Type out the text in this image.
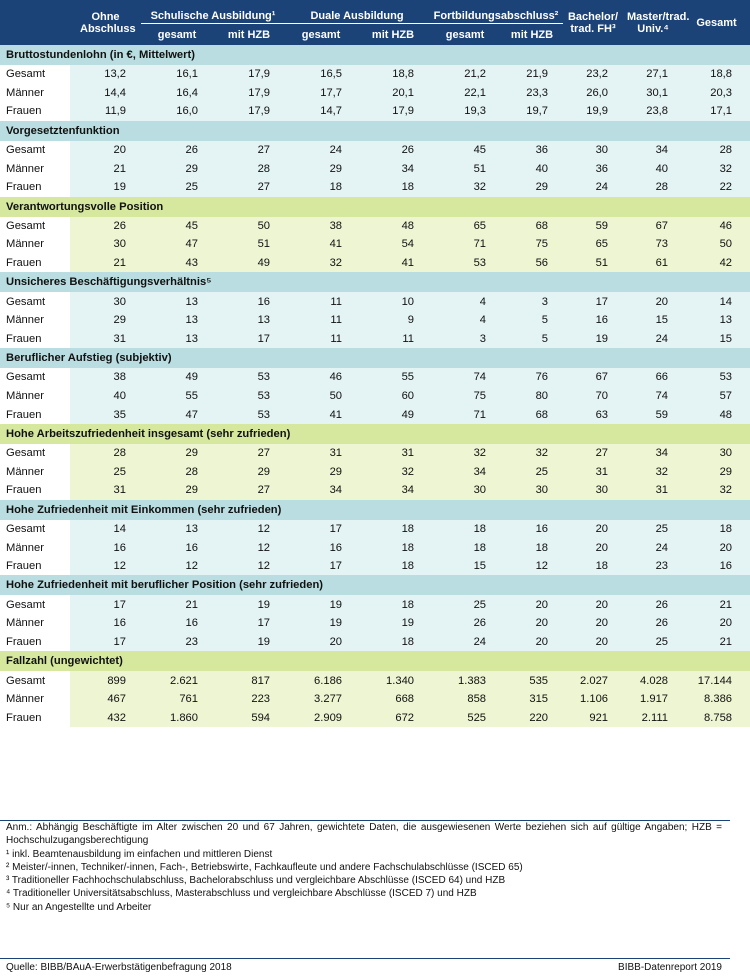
	Ohne Abschluss	Schulische Ausbildung¹		Duale Ausbildung		Fortbildungsabschluss²		Bachelor/ trad. FH³	Master/trad. Univ.⁴	Gesamt
		gesamt	mit HZB	gesamt	mit HZB	gesamt	mit HZB			
Bruttostundenlohn (in €, Mittelwert)										
Gesamt	13,2	16,1	17,9	16,5	18,8	21,2	21,9	23,2	27,1	18,8
Männer	14,4	16,4	17,9	17,7	20,1	22,1	23,3	26,0	30,1	20,3
Frauen	11,9	16,0	17,9	14,7	17,9	19,3	19,7	19,9	23,8	17,1
Vorgesetztenfunktion										
Gesamt	20	26	27	24	26	45	36	30	34	28
Männer	21	29	28	29	34	51	40	36	40	32
Frauen	19	25	27	18	18	32	29	24	28	22
Verantwortungsvolle Position										
Gesamt	26	45	50	38	48	65	68	59	67	46
Männer	30	47	51	41	54	71	75	65	73	50
Frauen	21	43	49	32	41	53	56	51	61	42
Unsicheres Beschäftigungsverhältnis⁵										
Gesamt	30	13	16	11	10	4	3	17	20	14
Männer	29	13	13	11	9	4	5	16	15	13
Frauen	31	13	17	11	11	3	5	19	24	15
Beruflicher Aufstieg (subjektiv)										
Gesamt	38	49	53	46	55	74	76	67	66	53
Männer	40	55	53	50	60	75	80	70	74	57
Frauen	35	47	53	41	49	71	68	63	59	48
Hohe Arbeitszufriedenheit insgesamt (sehr zufrieden)										
Gesamt	28	29	27	31	31	32	32	27	34	30
Männer	25	28	29	29	32	34	25	31	32	29
Frauen	31	29	27	34	34	30	30	30	31	32
Hohe Zufriedenheit mit Einkommen (sehr zufrieden)										
Gesamt	14	13	12	17	18	18	16	20	25	18
Männer	16	16	12	16	18	18	18	20	24	20
Frauen	12	12	12	17	18	15	12	18	23	16
Hohe Zufriedenheit mit beruflicher Position (sehr zufrieden)										
Gesamt	17	21	19	19	18	25	20	20	26	21
Männer	16	16	17	19	19	26	20	20	26	20
Frauen	17	23	19	20	18	24	20	20	25	21
Fallzahl (ungewichtet)										
Gesamt	899	2.621	817	6.186	1.340	1.383	535	2.027	4.028	17.144
Männer	467	761	223	3.277	668	858	315	1.106	1.917	8.386
Frauen	432	1.860	594	2.909	672	525	220	921	2.111	8.758
Anm.: Abhängig Beschäftigte im Alter zwischen 20 und 67 Jahren, gewichtete Daten, die ausgewiesenen Werte beziehen sich auf gültige Angaben; HZB = Hochschulzugangsberechtigung
¹ inkl. Beamtenausbildung im einfachen und mittleren Dienst
² Meister/-innen, Techniker/-innen, Fach-, Betriebswirte, Fachkaufleute und andere Fachschulabschlüsse (ISCED 65)
³ Traditioneller Fachhochschulabschluss, Bachelorabschluss und vergleichbare Abschlüsse (ISCED 64) und HZB
⁴ Traditioneller Universitätsabschluss, Masterabschluss und vergleichbare Abschlüsse (ISCED 7) und HZB
⁵ Nur an Angestellte und Arbeiter
Quelle: BIBB/BAuA-Erwerbstätigenbefragung 2018	BIBB-Datenreport 2019
